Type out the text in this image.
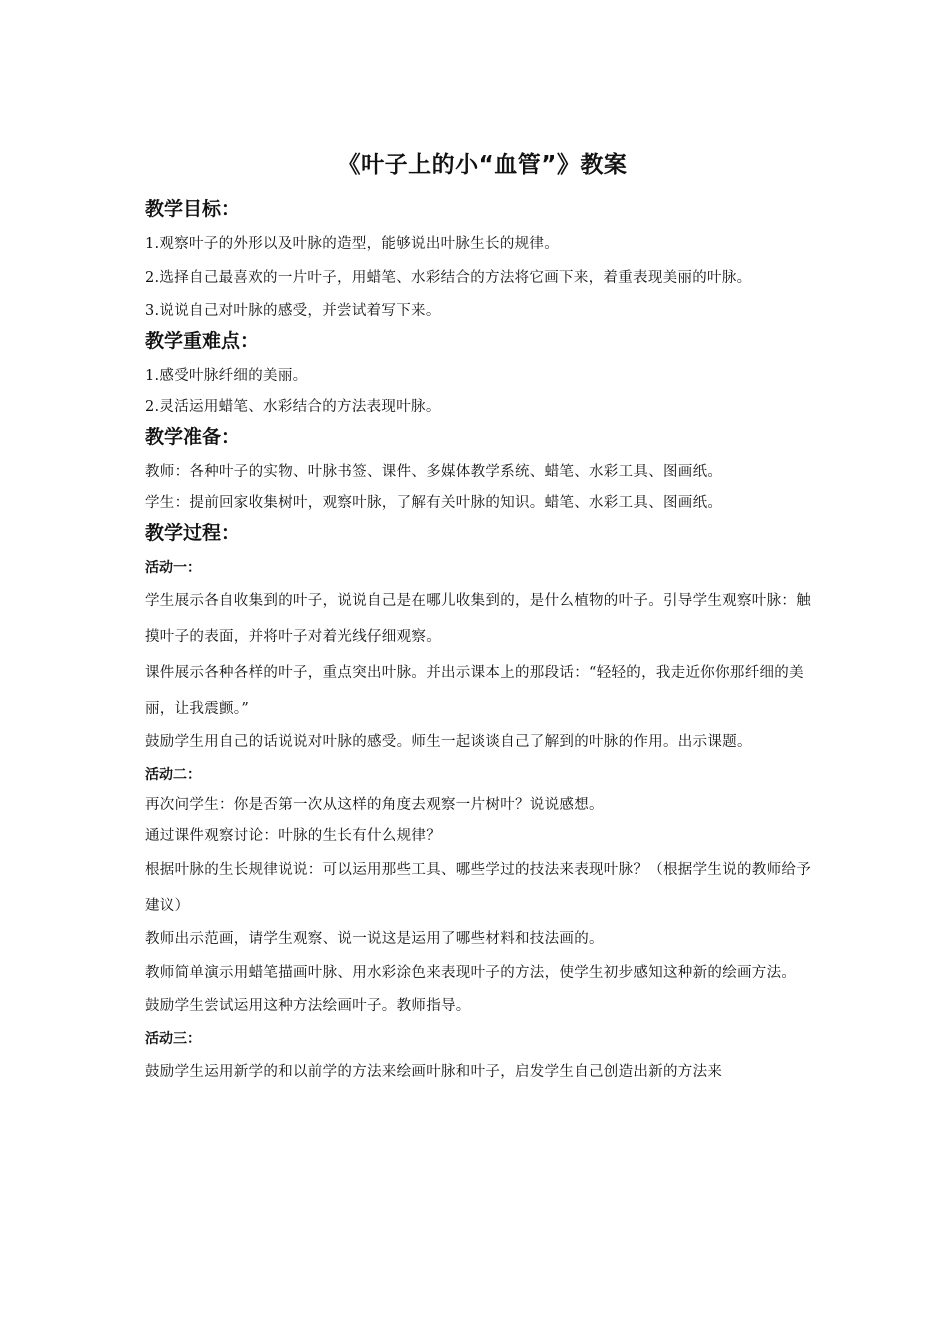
《叶子上的小“血管”》教案
教学目标：

1.观察叶子的外形以及叶脉的造型，能够说出叶脉生长的规律。

2.选择自己最喜欢的一片叶子，用蜡笔、水彩结合的方法将它画下来，着重表现美丽的叶脉。

3.说说自己对叶脉的感受，并尝试着写下来。

教学重难点：

1.感受叶脉纤细的美丽。

2.灵活运用蜡笔、水彩结合的方法表现叶脉。

教学准备：

教师：各种叶子的实物、叶脉书签、课件、多媒体教学系统、蜡笔、水彩工具、图画纸。

学生：提前回家收集树叶，观察叶脉，了解有关叶脉的知识。蜡笔、水彩工具、图画纸。

教学过程：
活动一：

学生展示各自收集到的叶子，说说自己是在哪儿收集到的，是什么植物的叶子。引导学生观察叶脉：触摸叶子的表面，并将叶子对着光线仔细观察。

课件展示各种各样的叶子，重点突出叶脉。并出示课本上的那段话：“轻轻的，我走近你你那纤细的美丽，让我震颤。”

鼓励学生用自己的话说说对叶脉的感受。师生一起谈谈自己了解到的叶脉的作用。出示课题。

活动二：

再次问学生：你是否第一次从这样的角度去观察一片树叶？说说感想。

通过课件观察讨论：叶脉的生长有什么规律？

根据叶脉的生长规律说说：可以运用那些工具、哪些学过的技法来表现叶脉？（根据学生说的教师给予建议）

教师出示范画，请学生观察、说一说这是运用了哪些材料和技法画的。

教师简单演示用蜡笔描画叶脉、用水彩涂色来表现叶子的方法，使学生初步感知这种新的绘画方法。

鼓励学生尝试运用这种方法绘画叶子。教师指导。

活动三：

鼓励学生运用新学的和以前学的方法来绘画叶脉和叶子，启发学生自己创造出新的方法来
